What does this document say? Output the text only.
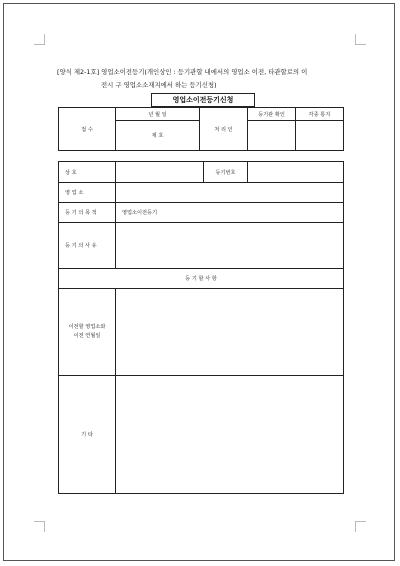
[양식 제2-1호] 영업소이전등기(개인상인 : 등기관할 내에서의 영업소 이전, 타관할로의 이
전시 구 영업소소재지에서 하는 등기신청)
영업소이전등기신청
접 수	년 월 일	처 리 인	등기관 확인	각종 통지
	제 호			
상 호		등기번호	
영 업 소			
등 기 의 목 적	영업소이전등기		
등 기 의 사 유			
등 기 할 사 항			
이전할 영업소와
이전 연월일			
기 타			
